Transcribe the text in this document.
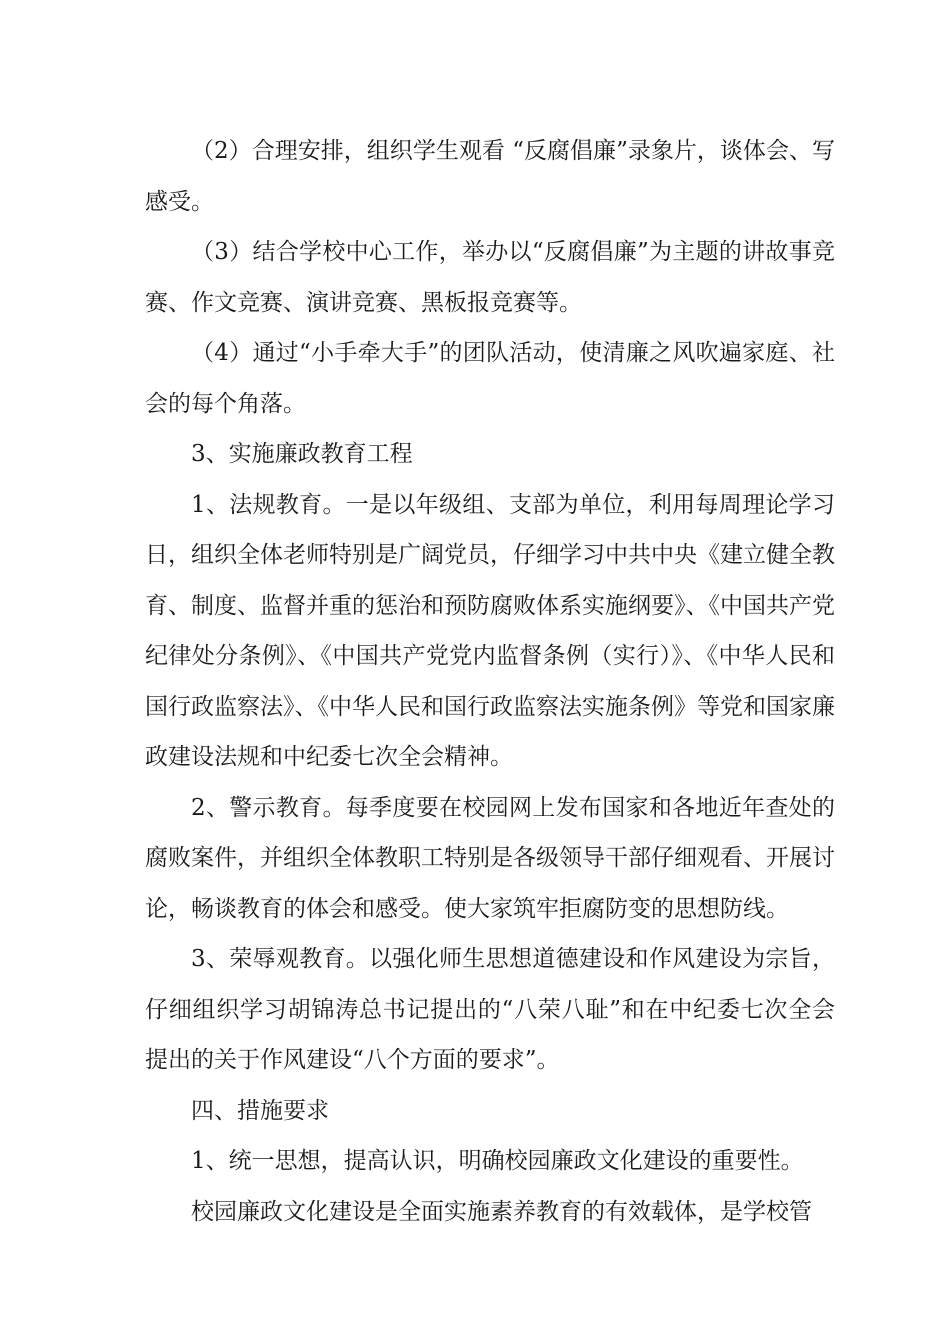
（2）合理安排，组织学生观看 “反腐倡廉”录象片，谈体会、写感受。

（3）结合学校中心工作，举办以“反腐倡廉”为主题的讲故事竞赛、作文竞赛、演讲竞赛、黑板报竞赛等。

（4）通过“小手牵大手”的团队活动，使清廉之风吹遍家庭、社会的每个角落。

3、实施廉政教育工程

1、法规教育。一是以年级组、支部为单位，利用每周理论学习日，组织全体老师特别是广阔党员，仔细学习中共中央《建立健全教育、制度、监督并重的惩治和预防腐败体系实施纲要》、《中国共产党纪律处分条例》、《中国共产党党内监督条例（实行）》、《中华人民和国行政监察法》、《中华人民和国行政监察法实施条例》等党和国家廉政建设法规和中纪委七次全会精神。

2、警示教育。每季度要在校园网上发布国家和各地近年查处的腐败案件，并组织全体教职工特别是各级领导干部仔细观看、开展讨论，畅谈教育的体会和感受。使大家筑牢拒腐防变的思想防线。

3、荣辱观教育。以强化师生思想道德建设和作风建设为宗旨，仔细组织学习胡锦涛总书记提出的“八荣八耻”和在中纪委七次全会提出的关于作风建设“八个方面的要求”。

四、措施要求

1、统一思想，提高认识，明确校园廉政文化建设的重要性。

校园廉政文化建设是全面实施素养教育的有效载体，是学校管
